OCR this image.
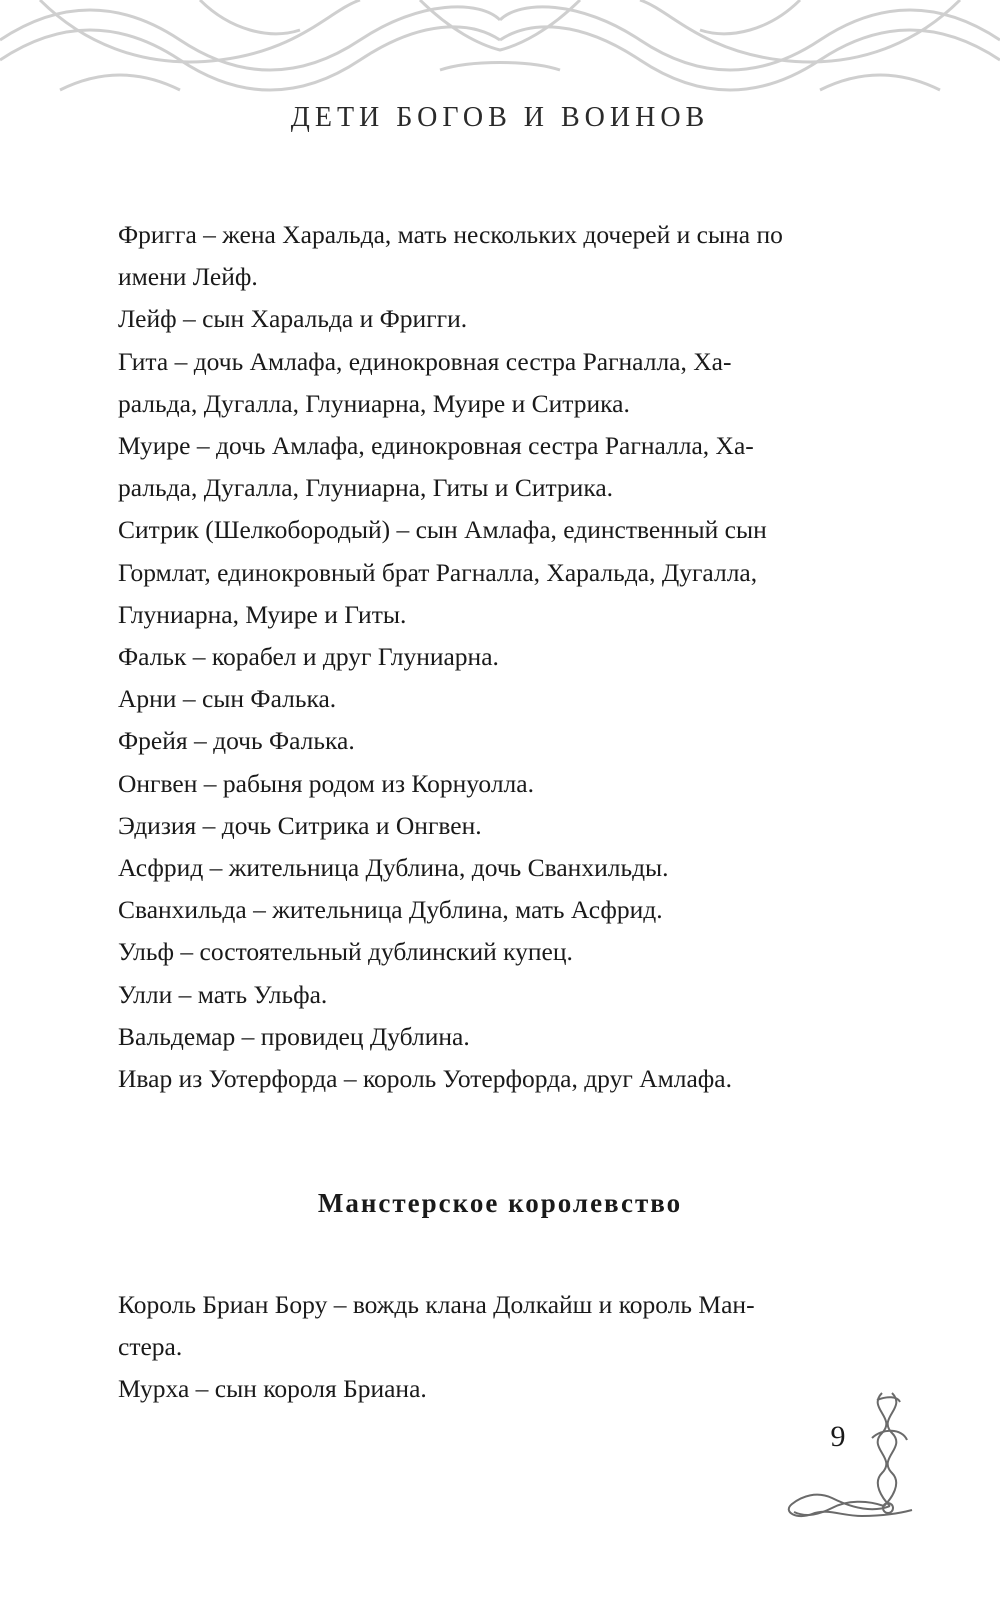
ДЕТИ БОГОВ И ВОИНОВ

Фригга – жена Харальда, мать нескольких дочерей и сына по

имени Лейф.

Лейф – сын Харальда и Фригги.

Гита – дочь Амлафа, единокровная сестра Рагналла, Ха-

ральда, Дугалла, Глуниарна, Муире и Ситрика.

Муире – дочь Амлафа, единокровная сестра Рагналла, Ха-

ральда, Дугалла, Глуниарна, Гиты и Ситрика.

Ситрик (Шелкобородый) – сын Амлафа, единственный сын

Гормлат, единокровный брат Рагналла, Харальда, Дугалла,

Глуниарна, Муире и Гиты.

Фальк – корабел и друг Глуниарна.

Арни – сын Фалька.

Фрейя – дочь Фалька.

Онгвен – рабыня родом из Корнуолла.

Эдизия – дочь Ситрика и Онгвен.

Асфрид – жительница Дублина, дочь Сванхильды.

Сванхильда – жительница Дублина, мать Асфрид.

Ульф – состоятельный дублинский купец.

Улли – мать Ульфа.

Вальдемар – провидец Дублина.

Ивар из Уотерфорда – король Уотерфорда, друг Амлафа.

Манстерское королевство

Король Бриан Бору – вождь клана Долкайш и король Ман-

стера.

Мурха – сын короля Бриана.

9
